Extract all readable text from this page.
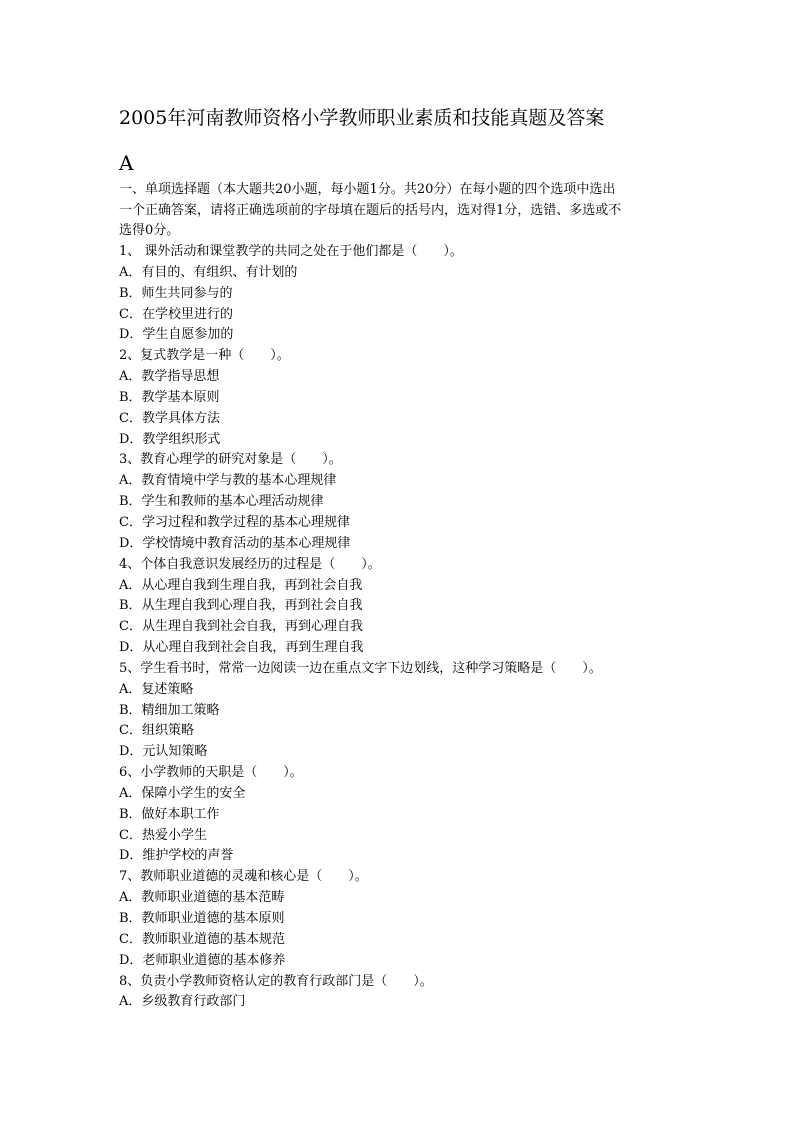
2005年河南教师资格小学教师职业素质和技能真题及答案
A

一、单项选择题（本大题共20小题，每小题1分。共20分）在每小题的四个选项中选出

一个正确答案，请将正确选项前的字母填在题后的括号内，选对得1分，选错、多选或不

选得0分。

1、 课外活动和课堂教学的共同之处在于他们都是（　　）。
A．有目的、有组织、有计划的
B．师生共同参与的
C．在学校里进行的
D．学生自愿参加的
2、复式教学是一种（　　）。
A．教学指导思想
B．教学基本原则
C．教学具体方法
D．教学组织形式
3、教育心理学的研究对象是（　　）。
A．教育情境中学与教的基本心理规律
B．学生和教师的基本心理活动规律
C．学习过程和教学过程的基本心理规律
D．学校情境中教育活动的基本心理规律
4、个体自我意识发展经历的过程是（　　）。
A．从心理自我到生理自我，再到社会自我
B．从生理自我到心理自我，再到社会自我
C．从生理自我到社会自我，再到心理自我
D．从心理自我到社会自我，再到生理自我
5、学生看书时，常常一边阅读一边在重点文字下边划线，这种学习策略是（　　）。
A．复述策略
B．精细加工策略
C．组织策略
D．元认知策略
6、小学教师的天职是（　　）。
A．保障小学生的安全
B．做好本职工作
C．热爱小学生
D．维护学校的声誉
7、教师职业道德的灵魂和核心是（　　）。
A．教师职业道德的基本范畴
B．教师职业道德的基本原则
C．教师职业道德的基本规范
D．老师职业道德的基本修养
8、负责小学教师资格认定的教育行政部门是（　　）。
A．乡级教育行政部门
